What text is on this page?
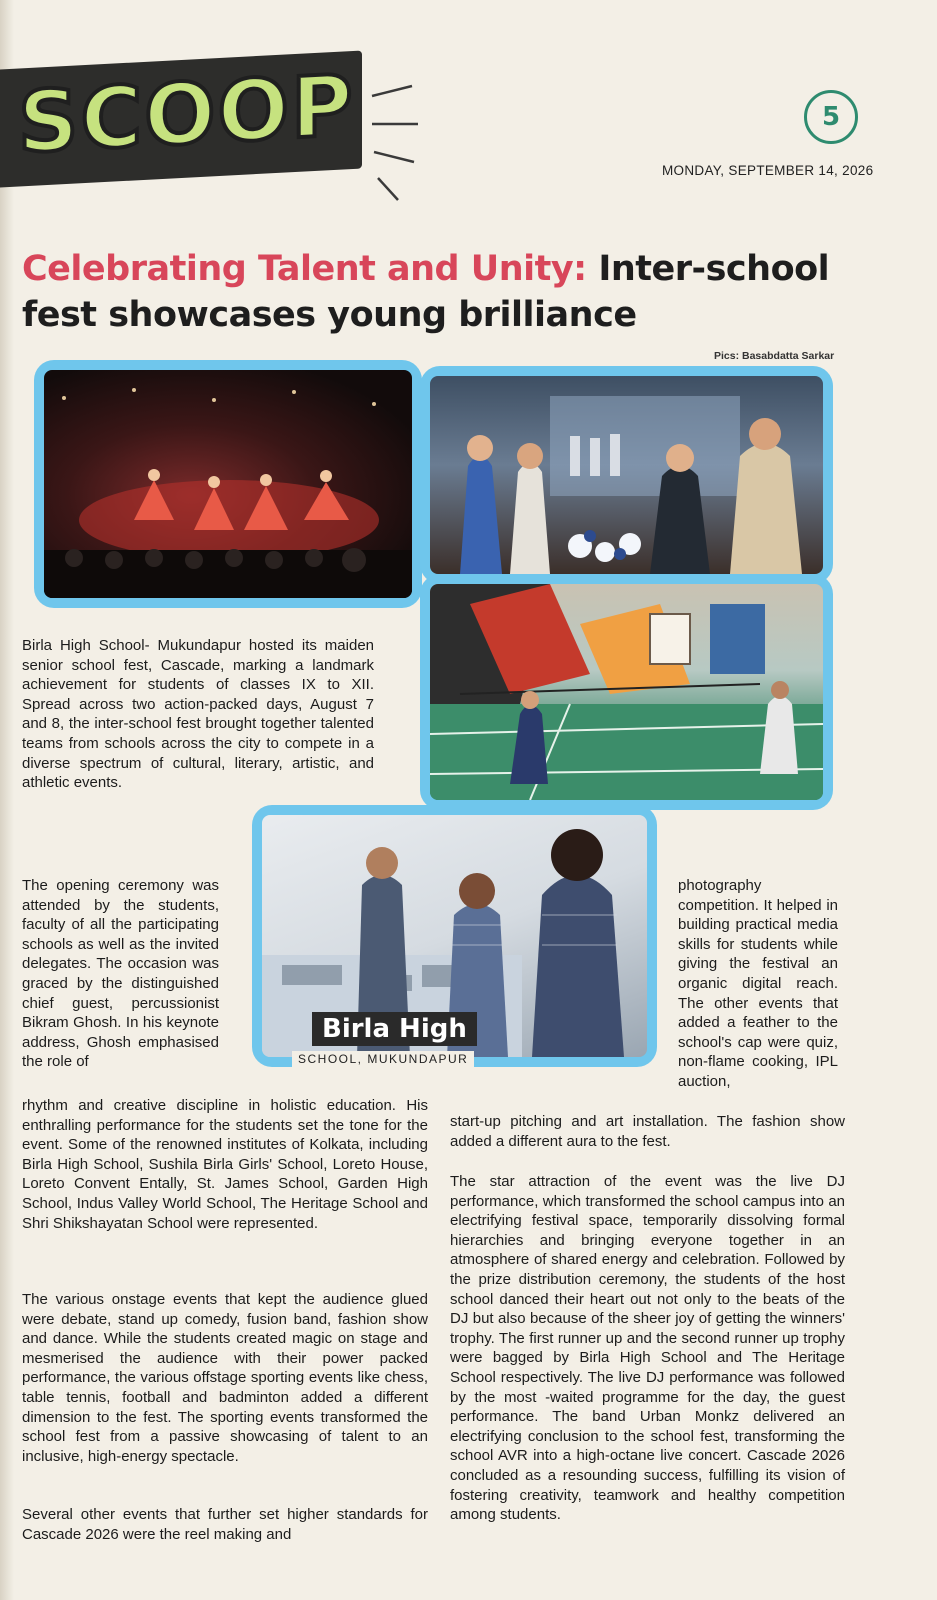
SCOOP	5
MONDAY, SEPTEMBER 14, 2026
Celebrating Talent and Unity: Inter-school fest showcases young brilliance
Pics: Basabdatta Sarkar
Birla High
SCHOOL, MUKUNDAPUR
Birla High School- Mukundapur hosted its maiden senior school fest, Cascade, marking a landmark achievement for students of classes IX to XII. Spread across two action-packed days, August 7 and 8, the inter-school fest brought together talented teams from schools across the city to compete in a diverse spectrum of cultural, literary, artistic, and athletic events.
The opening ceremony was attended by the students, faculty of all the participating schools as well as the invited delegates. The occasion was graced by the distinguished chief guest, percussionist Bikram Ghosh. In his keynote address, Ghosh emphasised the role of
rhythm and creative discipline in holistic education. His enthralling performance for the students set the tone for the event. Some of the renowned institutes of Kolkata, including Birla High School, Sushila Birla Girls' School, Loreto House, Loreto Convent Entally, St. James School, Garden High School, Indus Valley World School, The Heritage School and Shri Shikshayatan School were represented.
The various onstage events that kept the audience glued were debate, stand up comedy, fusion band, fashion show and dance. While the students created magic on stage and mesmerised the audience with their power packed performance, the various offstage sporting events like chess, table tennis, football and badminton added a different dimension to the fest. The sporting events transformed the school fest from a passive showcasing of talent to an inclusive, high-energy spectacle.
Several other events that further set higher standards for Cascade 2026 were the reel making and
photography competition. It helped in building practical media skills for students while giving the festival an organic digital reach. The other events that added a feather to the school's cap were quiz, non-flame cooking, IPL auction,
start-up pitching and art installation. The fashion show added a different aura to the fest.
The star attraction of the event was the live DJ performance, which transformed the school campus into an electrifying festival space, temporarily dissolving formal hierarchies and bringing everyone together in an atmosphere of shared energy and celebration. Followed by the prize distribution ceremony, the students of the host school danced their heart out not only to the beats of the DJ but also because of the sheer joy of getting the winners' trophy. The first runner up and the second runner up trophy were bagged by Birla High School and The Heritage School respectively. The live DJ performance was followed by the most -waited programme for the day, the guest performance. The band Urban Monkz delivered an electrifying conclusion to the school fest, transforming the school AVR into a high-octane live concert. Cascade 2026 concluded as a resounding success, fulfilling its vision of fostering creativity, teamwork and healthy competition among students.
